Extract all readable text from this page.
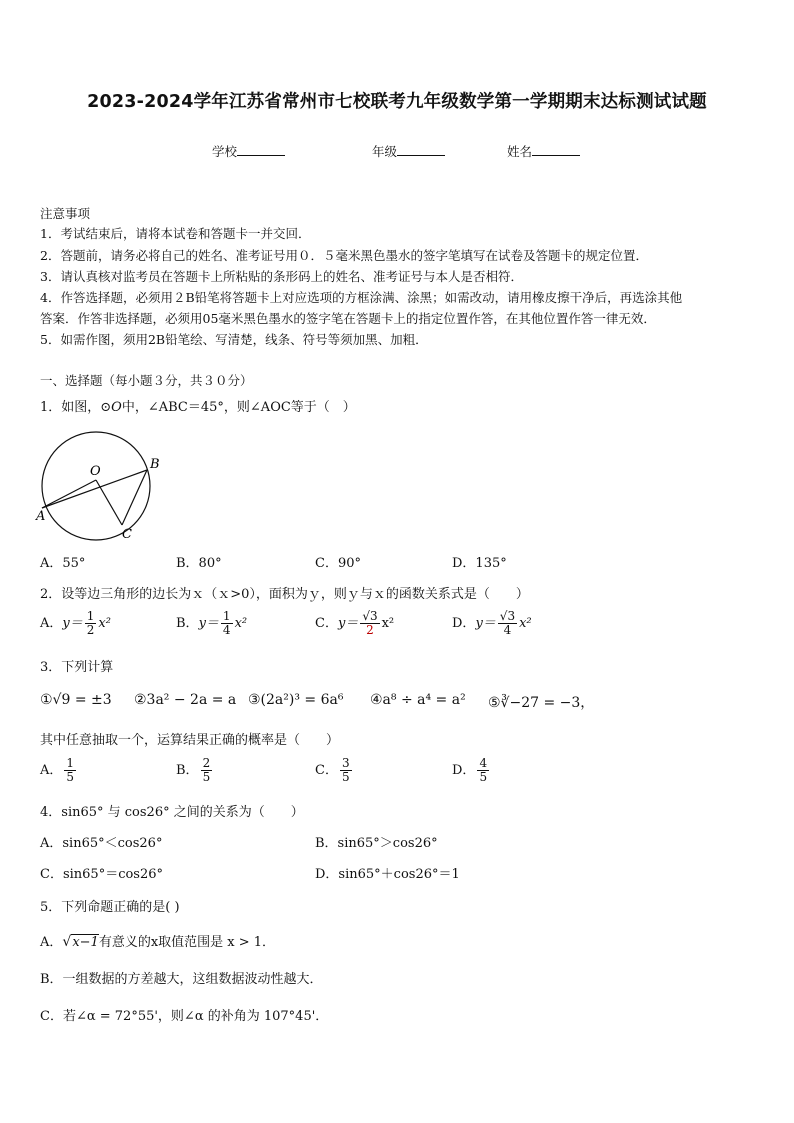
2023-2024学年江苏省常州市七校联考九年级数学第一学期期末达标测试试题
学校	年级	姓名
注意事项
1．考试结束后，请将本试卷和答题卡一并交回．
2．答题前，请务必将自己的姓名、准考证号用０．５毫米黑色墨水的签字笔填写在试卷及答题卡的规定位置．
3．请认真核对监考员在答题卡上所粘贴的条形码上的姓名、准考证号与本人是否相符．
4．作答选择题，必须用２B铅笔将答题卡上对应选项的方框涂满、涂黑；如需改动，请用橡皮擦干净后，再选涂其他
答案．作答非选择题，必须用05毫米黑色墨水的签字笔在答题卡上的指定位置作答，在其他位置作答一律无效．
5．如需作图，须用2B铅笔绘、写清楚，线条、符号等须加黑、加粗．
一、选择题（每小题３分，共３０分）
1．如图，⊙O中，∠ABC＝45°，则∠AOC等于（　）
O	B
A
C
A．55°	B．80°	C．90°	D．135°
2．设等边三角形的边长为ｘ（ｘ>0），面积为ｙ，则ｙ与ｘ的函数关系式是（　　）
A．$y= \frac{1}{2} x^2$	B．$y= \frac{1}{4} x^2$	C．$y= \frac{√3}{2} x^2$	D．$y= \frac{√3}{4} x^2$
3．下列计算
①√9 = ±3 ②3a² − 2a = a ③(2a²)³ = 6a⁶ ④a⁸ ÷ a⁴ = a² ⑤∛−27 = −3，
其中任意抽取一个，运算结果正确的概率是（　　）
A． $\frac{1}{5}$	B． $\frac{2}{5}$	C． $\frac{3}{5}$	D． $\frac{4}{5}$
4．sin65° 与 cos26° 之间的关系为（　　）
A．sin65°＜cos26°	B．sin65°＞cos26°
C．sin65°＝cos26°	D．sin65°＋cos26°＝1
5．下列命题正确的是( )
A．√x−1有意义的x取值范围是 x > 1．
B．一组数据的方差越大，这组数据波动性越大．
C．若∠α = 72°55'，则∠α 的补角为 107°45'．
